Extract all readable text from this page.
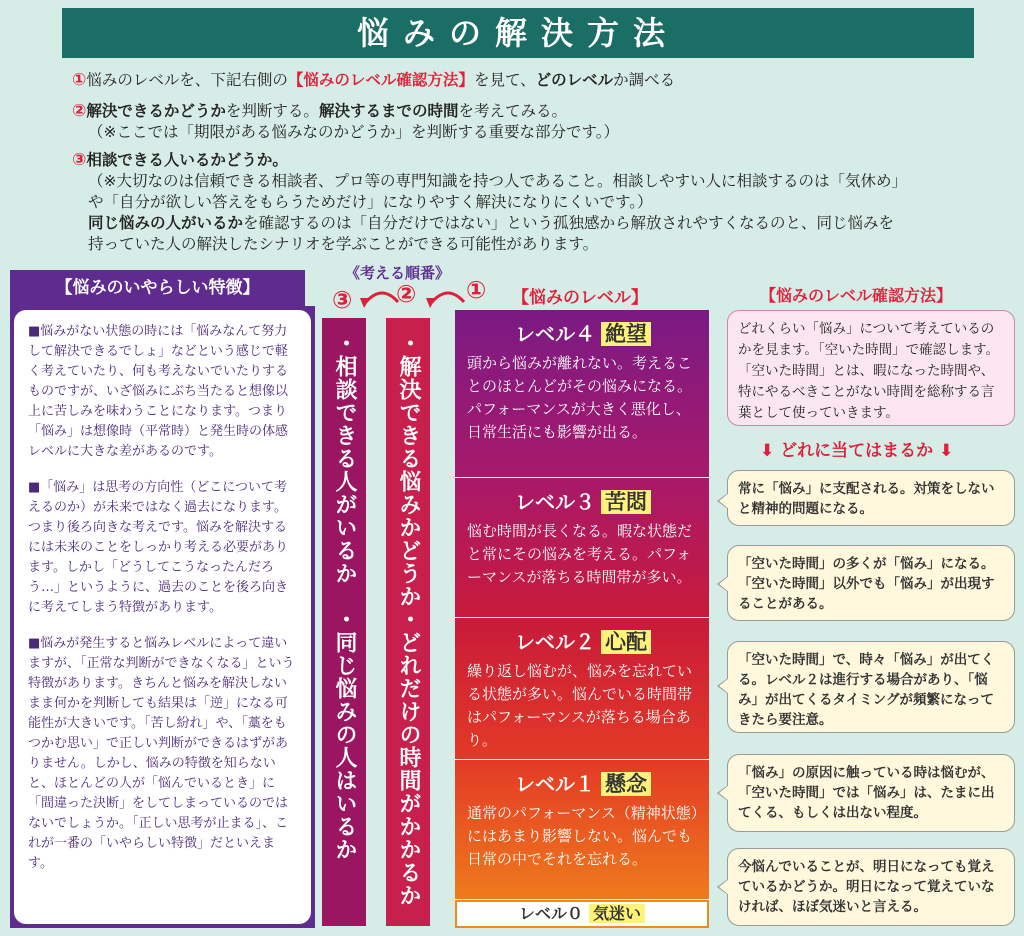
悩みの解決方法
①悩みのレベルを、下記右側の【悩みのレベル確認方法】を見て、どのレベルか調べる
②解決できるかどうかを判断する。解決するまでの時間を考えてみる。
（※ここでは「期限がある悩みなのかどうか」を判断する重要な部分です。）
③相談できる人いるかどうか。
（※大切なのは信頼できる相談者、プロ等の専門知識を持つ人であること。相談しやすい人に相談するのは「気休め」
や「自分が欲しい答えをもらうためだけ」になりやすく解決になりにくいです。）
同じ悩みの人がいるかを確認するのは「自分だけではない」という孤独感から解放されやすくなるのと、同じ悩みを
持っていた人の解決したシナリオを学ぶことができる可能性があります。
【悩みのいやらしい特徴】

■悩みがない状態の時には「悩みなんて努力して解決できるでしょ」などという感じで軽く考えていたり、何も考えないでいたりするものですが、いざ悩みにぶち当たると想像以上に苦しみを味わうことになります。つまり「悩み」は想像時（平常時）と発生時の体感レベルに大きな差があるのです。

■「悩み」は思考の方向性（どこについて考えるのか）が未来ではなく過去になります。つまり後ろ向きな考えです。悩みを解決するには未来のことをしっかり考える必要があります。しかし「どうしてこうなったんだろう…」というように、過去のことを後ろ向きに考えてしまう特徴があります。

■悩みが発生すると悩みレベルによって違いますが、「正常な判断ができなくなる」という特徴があります。きちんと悩みを解決しないまま何かを判断しても結果は「逆」になる可能性が大きいです。「苦し紛れ」や、「藁をもつかむ思い」で正しい判断ができるはずがありません。しかし、悩みの特徴を知らないと、ほとんどの人が「悩んでいるとき」に「間違った決断」をしてしまっているのではないでしょうか。「正しい思考が止まる」、これが一番の「いやらしい特徴」だといえます。

《考える順番》
③ ② ①
・相談できる人がいるか　・同じ悩みの人はいるか	・解決できる悩みかどうか・どれだけの時間がかかるか
【悩みのレベル】
レベル４ 絶望
頭から悩みが離れない。考えることのほとんどがその悩みになる。パフォーマンスが大きく悪化し、日常生活にも影響が出る。
レベル３ 苦悶
悩む時間が長くなる。暇な状態だと常にその悩みを考える。パフォーマンスが落ちる時間帯が多い。
レベル２ 心配
繰り返し悩むが、悩みを忘れている状態が多い。悩んでいる時間帯はパフォーマンスが落ちる場合あり。
レベル１ 懸念
通常のパフォーマンス（精神状態）にはあまり影響しない。悩んでも日常の中でそれを忘れる。
レベル０ 気迷い
【悩みのレベル確認方法】
どれくらい「悩み」について考えているのかを見ます。「空いた時間」で確認します。「空いた時間」とは、暇になった時間や、特にやるべきことがない時間を総称する言葉として使っていきます。
⬇ どれに当てはまるか ⬇
常に「悩み」に支配される。対策をしないと精神的問題になる。
「空いた時間」の多くが「悩み」になる。「空いた時間」以外でも「悩み」が出現することがある。
「空いた時間」で、時々「悩み」が出てくる。レベル２は進行する場合があり、「悩み」が出てくるタイミングが頻繁になってきたら要注意。
「悩み」の原因に触っている時は悩むが、「空いた時間」では「悩み」は、たまに出てくる、もしくは出ない程度。
今悩んでいることが、明日になっても覚えているかどうか。明日になって覚えていなければ、ほぼ気迷いと言える。
